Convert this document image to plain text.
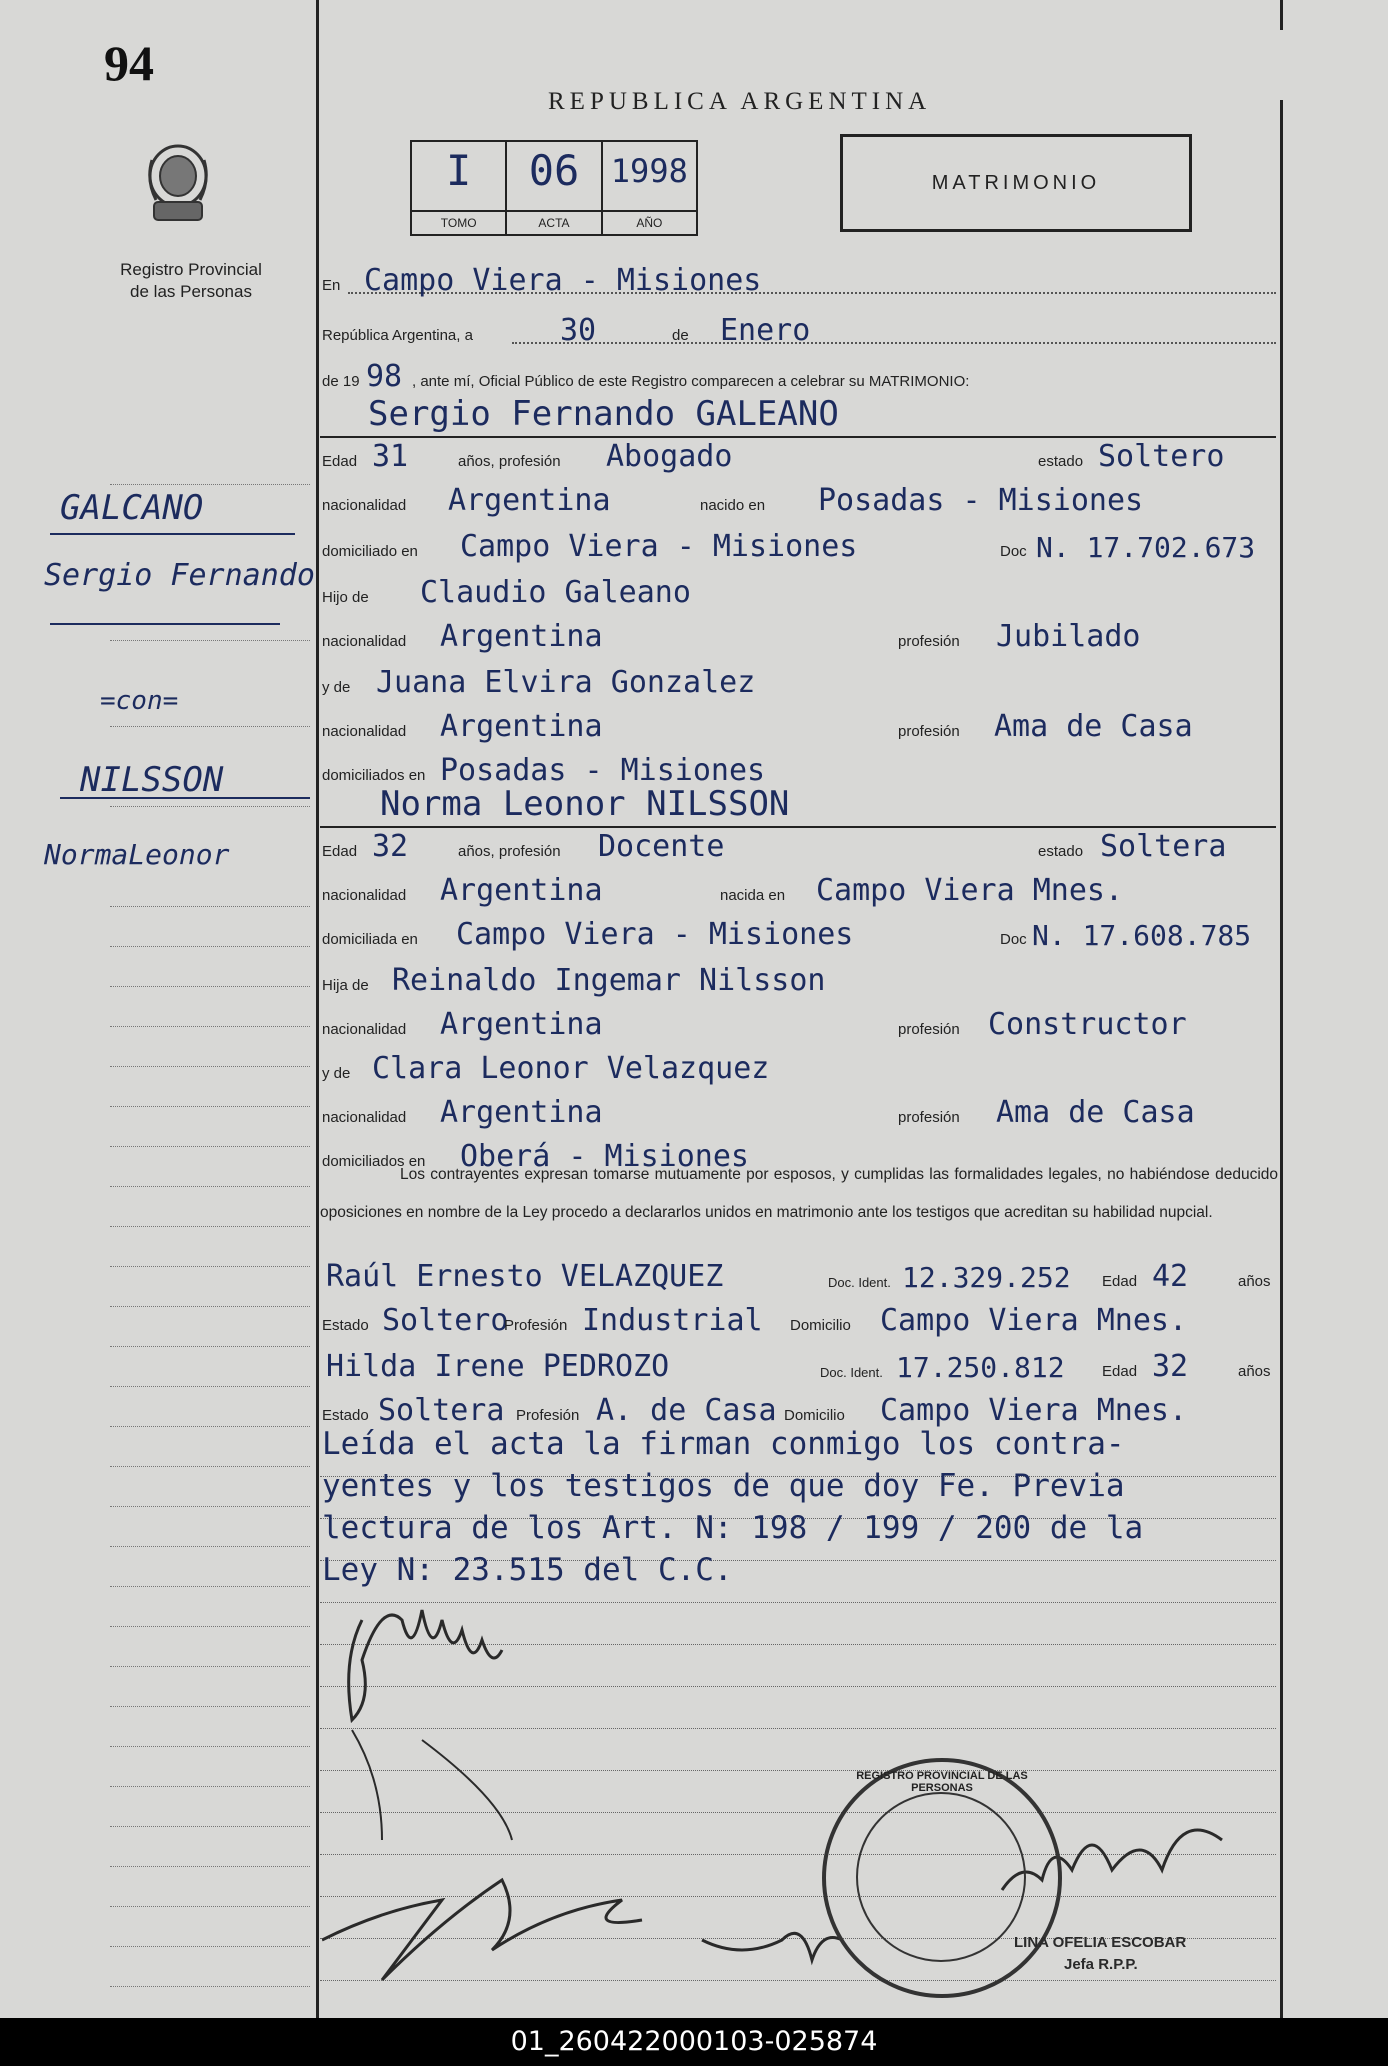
94
Registro Provincial
de las Personas
GALCANO
Sergio Fernando
=con=
NILSSON
NormaLeonor
REPUBLICA ARGENTINA
I
TOMO
06
ACTA
1998
AÑO
MATRIMONIO
En Campo Viera - Misiones
República Argentina, a	30	de Enero
de 19 98 , ante mí, Oficial Público de este Registro comparecen a celebrar su MATRIMONIO:
Sergio Fernando GALEANO
Edad 31	años, profesión Abogado	estado Soltero
nacionalidad Argentina	nacido en Posadas - Misiones
domiciliado en Campo Viera - Misiones	Doc N. 17.702.673
Hijo de Claudio Galeano
nacionalidad Argentina	profesión Jubilado
y de Juana Elvira Gonzalez
nacionalidad Argentina	profesión Ama de Casa
domiciliados en Posadas - Misiones
Norma Leonor NILSSON
Edad 32	años, profesión Docente	estado Soltera
nacionalidad Argentina	nacida en Campo Viera Mnes.
domiciliada en Campo Viera - Misiones	Doc N. 17.608.785
Hija de Reinaldo Ingemar Nilsson
nacionalidad Argentina	profesión Constructor
y de Clara Leonor Velazquez
nacionalidad Argentina	profesión Ama de Casa
domiciliados en Oberá - Misiones
Los contrayentes expresan tomarse mutuamente por esposos, y cumplidas las formalidades legales, no habiéndose deducido oposiciones en nombre de la Ley procedo a declararlos unidos en matrimonio ante los testigos que acreditan su habilidad nupcial.
Raúl Ernesto VELAZQUEZ	Doc. Ident. 12.329.252 Edad 42	años
Estado Soltero
Profesión Industrial Domicilio Campo Viera Mnes.
Hilda Irene PEDROZO	Doc. Ident. 17.250.812 Edad 32	años
Estado Soltera Profesión A. de Casa Domicilio Campo Viera Mnes.
Leída el acta la firman conmigo los contra-
yentes y los testigos de que doy Fe. Previa
lectura de los Art. N: 198 / 199 / 200 de la
Ley N: 23.515 del C.C.
REGISTRO PROVINCIAL DE LAS PERSONAS
LINA OFELIA ESCOBAR
Jefa R.P.P.
01_260422000103-025874
